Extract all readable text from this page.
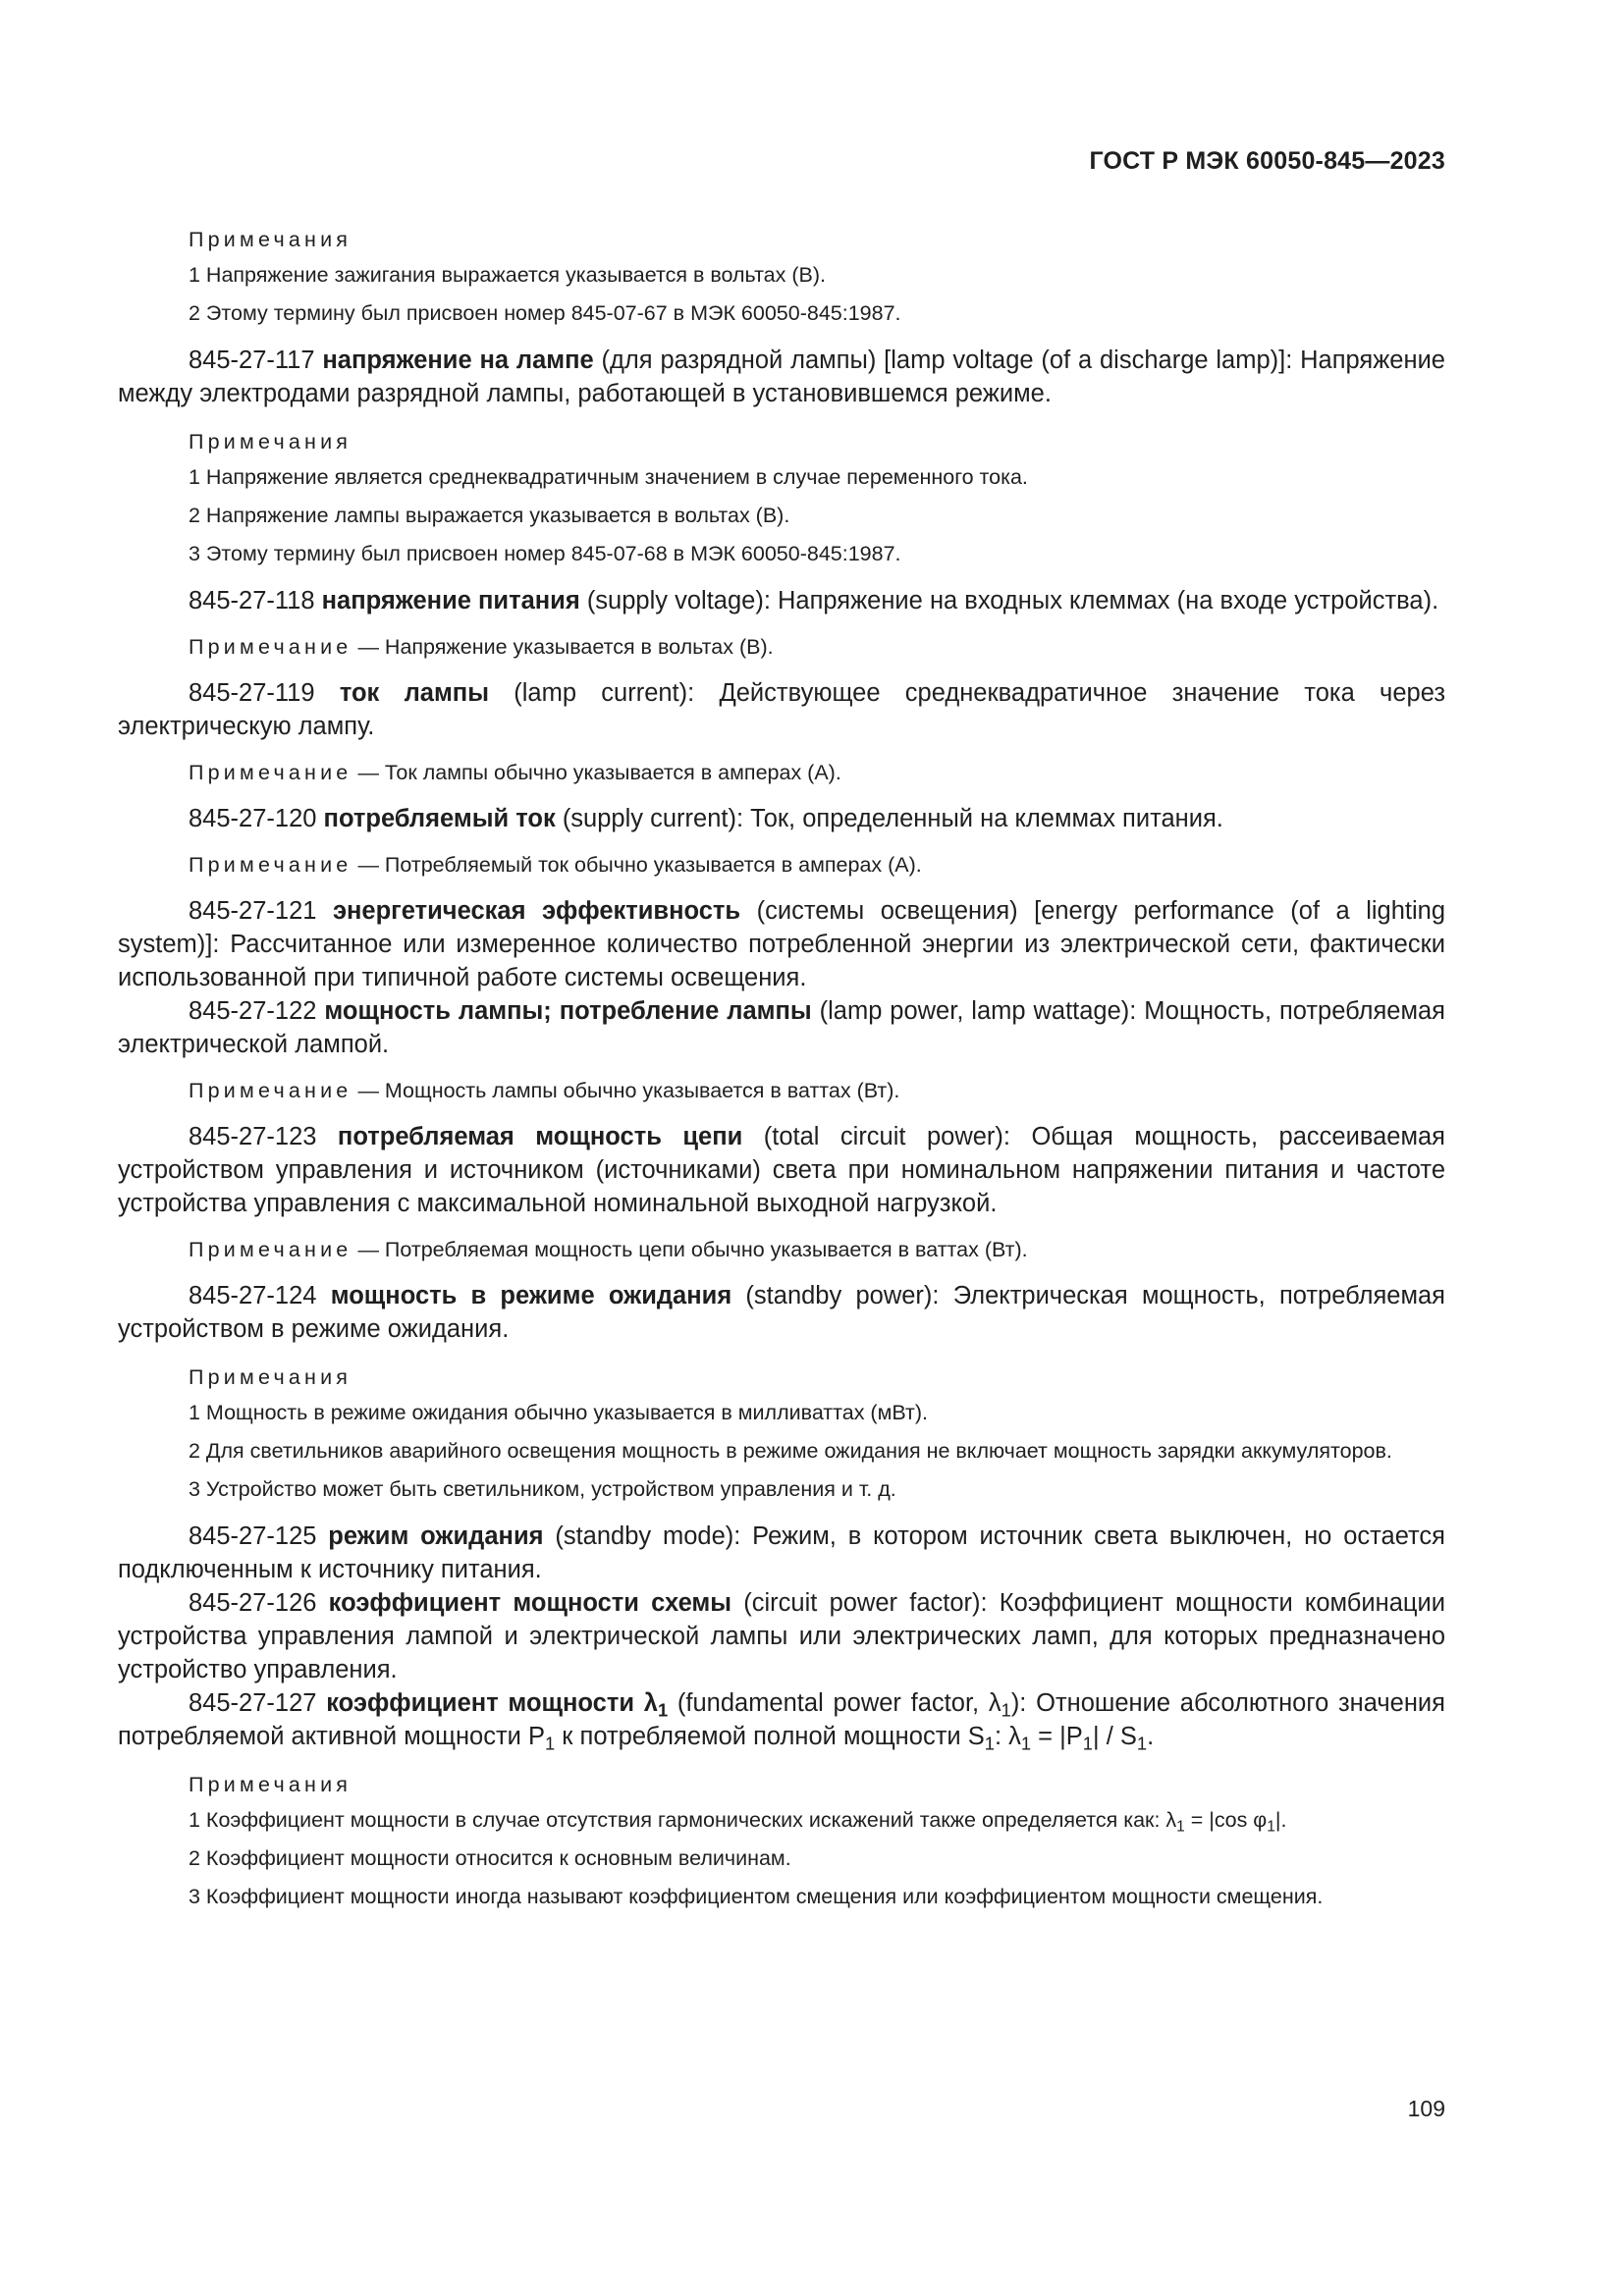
ГОСТ Р МЭК 60050-845—2023
Примечания

1 Напряжение зажигания выражается указывается в вольтах (В).

2 Этому термину был присвоен номер 845-07-67 в МЭК 60050-845:1987.

845-27-117 напряжение на лампе (для разрядной лампы) [lamp voltage (of a discharge lamp)]: Напряжение между электродами разрядной лампы, работающей в установившемся режиме.

Примечания

1 Напряжение является среднеквадратичным значением в случае переменного тока.

2 Напряжение лампы выражается указывается в вольтах (В).

3 Этому термину был присвоен номер 845-07-68 в МЭК 60050-845:1987.

845-27-118 напряжение питания (supply voltage): Напряжение на входных клеммах (на входе устройства).

Примечание — Напряжение указывается в вольтах (В).

845-27-119 ток лампы (lamp current): Действующее среднеквадратичное значение тока через электрическую лампу.

Примечание — Ток лампы обычно указывается в амперах (А).

845-27-120 потребляемый ток (supply current): Ток, определенный на клеммах питания.

Примечание — Потребляемый ток обычно указывается в амперах (А).

845-27-121 энергетическая эффективность (системы освещения) [energy performance (of a lighting system)]: Рассчитанное или измеренное количество потребленной энергии из электрической сети, фактически использованной при типичной работе системы освещения.

845-27-122 мощность лампы; потребление лампы (lamp power, lamp wattage): Мощность, потребляемая электрической лампой.

Примечание — Мощность лампы обычно указывается в ваттах (Вт).

845-27-123 потребляемая мощность цепи (total circuit power): Общая мощность, рассеиваемая устройством управления и источником (источниками) света при номинальном напряжении питания и частоте устройства управления с максимальной номинальной выходной нагрузкой.

Примечание — Потребляемая мощность цепи обычно указывается в ваттах (Вт).

845-27-124 мощность в режиме ожидания (standby power): Электрическая мощность, потребляемая устройством в режиме ожидания.

Примечания

1 Мощность в режиме ожидания обычно указывается в милливаттах (мВт).

2 Для светильников аварийного освещения мощность в режиме ожидания не включает мощность зарядки аккумуляторов.

3 Устройство может быть светильником, устройством управления и т. д.

845-27-125 режим ожидания (standby mode): Режим, в котором источник света выключен, но остается подключенным к источнику питания.

845-27-126 коэффициент мощности схемы (circuit power factor): Коэффициент мощности комбинации устройства управления лампой и электрической лампы или электрических ламп, для которых предназначено устройство управления.

845-27-127 коэффициент мощности $\lambda_1$ (fundamental power factor, $\lambda_1$): Отношение абсолютного значения потребляемой активной мощности $P_1$ к потребляемой полной мощности $S_1$: $\lambda_1 = |P_1| / S_1$.

Примечания

1 Коэффициент мощности в случае отсутствия гармонических искажений также определяется как: $\lambda_1 = |\cos$ $\varphi_1|$.

2 Коэффициент мощности относится к основным величинам.

3 Коэффициент мощности иногда называют коэффициентом смещения или коэффициентом мощности смещения.

109
